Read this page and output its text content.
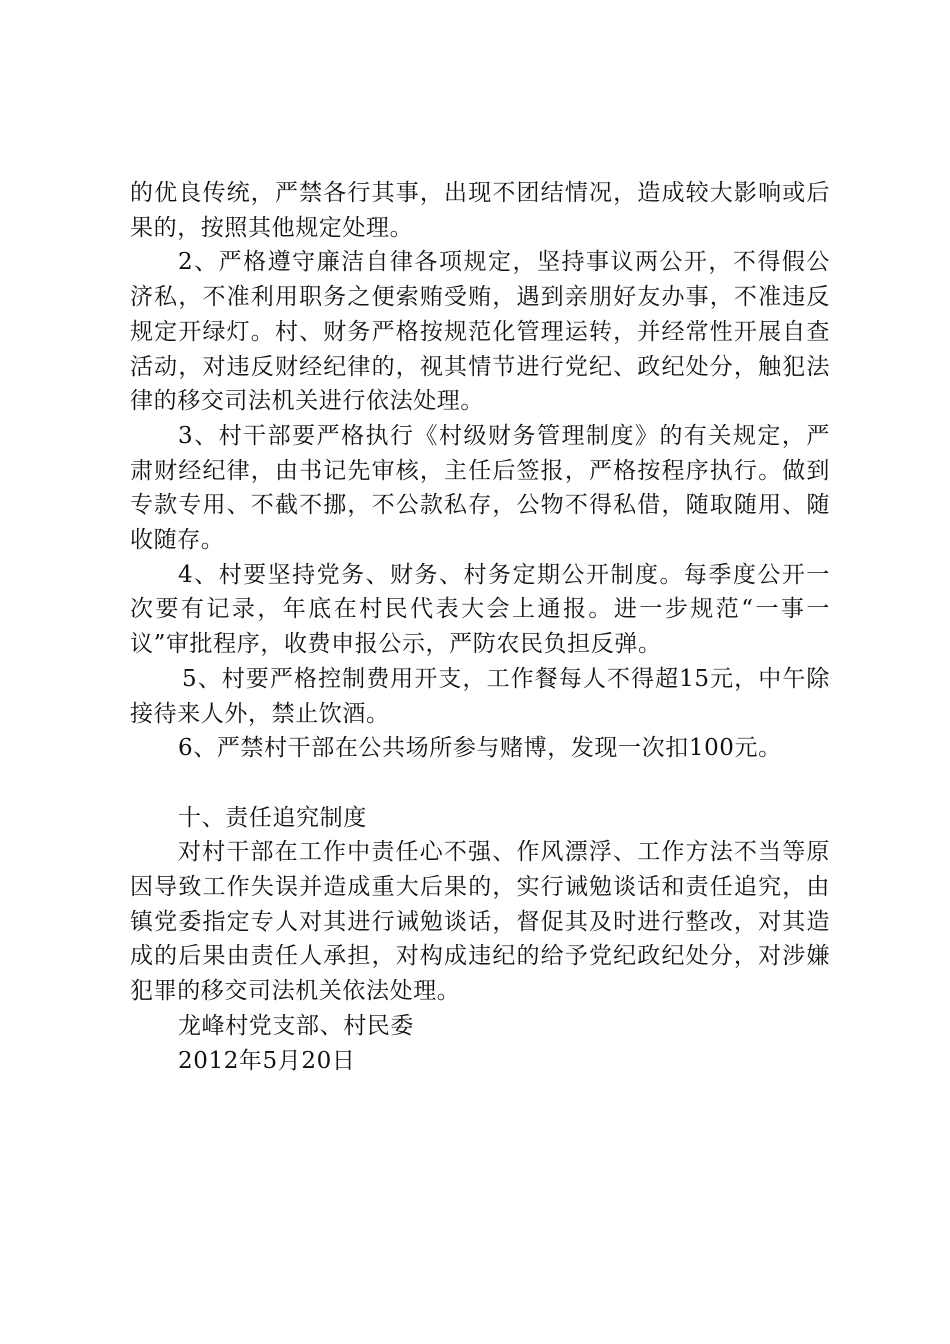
的优良传统，严禁各行其事，出现不团结情况，造成较大影响或后果的，按照其他规定处理。

2、严格遵守廉洁自律各项规定，坚持事议两公开，不得假公济私，不准利用职务之便索贿受贿，遇到亲朋好友办事，不准违反规定开绿灯。村、财务严格按规范化管理运转，并经常性开展自查活动，对违反财经纪律的，视其情节进行党纪、政纪处分，触犯法律的移交司法机关进行依法处理。

3、村干部要严格执行《村级财务管理制度》的有关规定，严肃财经纪律，由书记先审核，主任后签报，严格按程序执行。做到专款专用、不截不挪，不公款私存，公物不得私借，随取随用、随收随存。

4、村要坚持党务、财务、村务定期公开制度。每季度公开一次要有记录，年底在村民代表大会上通报。进一步规范“一事一议”审批程序，收费申报公示，严防农民负担反弹。

5、村要严格控制费用开支，工作餐每人不得超15元，中午除接待来人外，禁止饮酒。

6、严禁村干部在公共场所参与赌博，发现一次扣100元。

十、责任追究制度

对村干部在工作中责任心不强、作风漂浮、工作方法不当等原因导致工作失误并造成重大后果的，实行诫勉谈话和责任追究，由镇党委指定专人对其进行诫勉谈话，督促其及时进行整改，对其造成的后果由责任人承担，对构成违纪的给予党纪政纪处分，对涉嫌犯罪的移交司法机关依法处理。

龙峰村党支部、村民委

2012年5月20日
